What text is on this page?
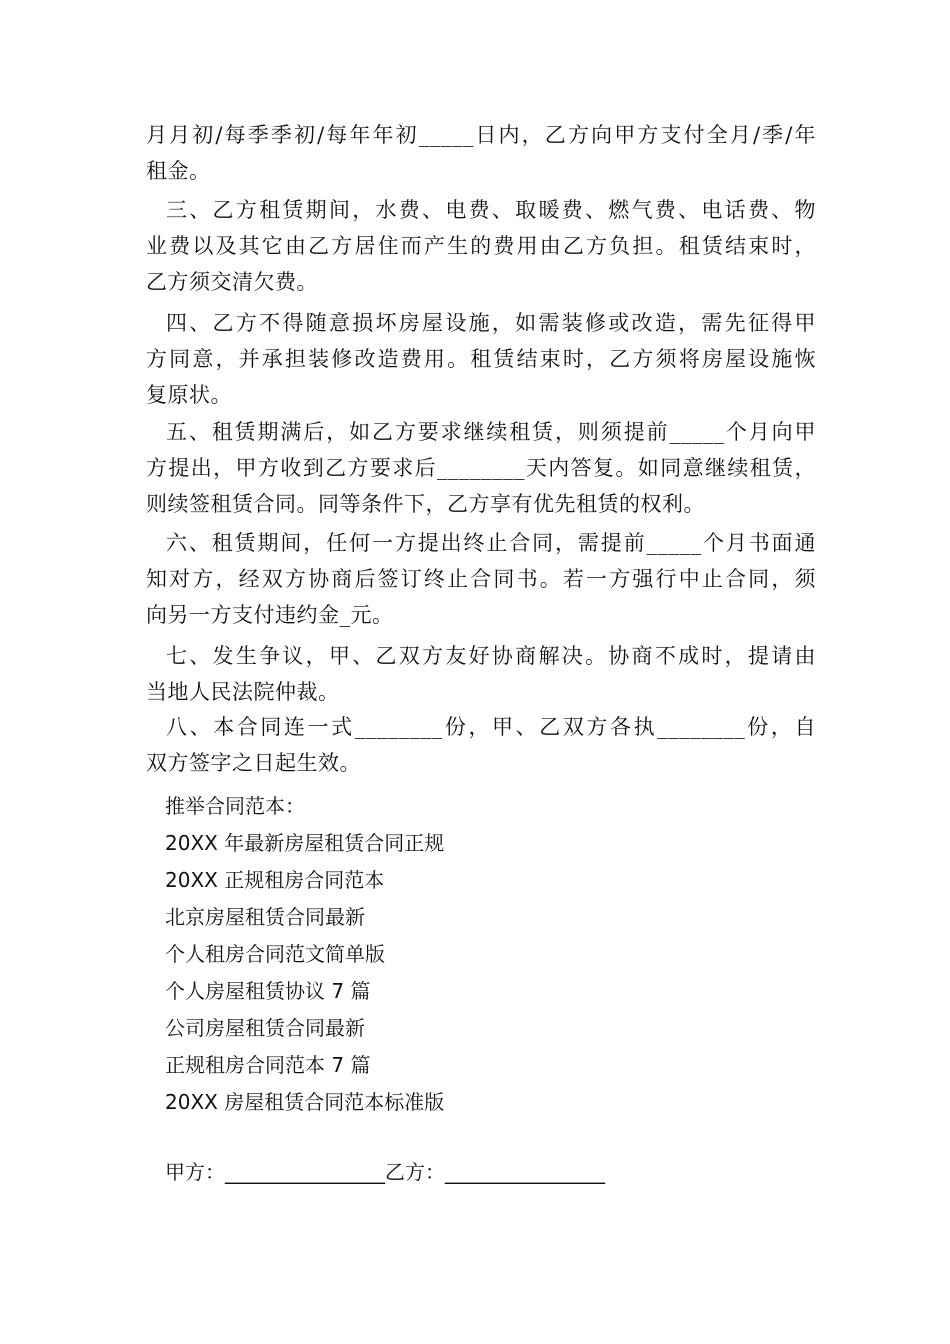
月月初/每季季初/每年年初_____日内，乙方向甲方支付全月/季/年
租金。
三、乙方租赁期间，水费、电费、取暖费、燃气费、电话费、物
业费以及其它由乙方居住而产生的费用由乙方负担。租赁结束时，
乙方须交清欠费。
四、乙方不得随意损坏房屋设施，如需装修或改造，需先征得甲
方同意，并承担装修改造费用。租赁结束时，乙方须将房屋设施恢
复原状。
五、租赁期满后，如乙方要求继续租赁，则须提前_____个月向甲
方提出，甲方收到乙方要求后________天内答复。如同意继续租赁，
则续签租赁合同。同等条件下，乙方享有优先租赁的权利。
六、租赁期间，任何一方提出终止合同，需提前_____个月书面通
知对方，经双方协商后签订终止合同书。若一方强行中止合同，须
向另一方支付违约金_元。
七、发生争议，甲、乙双方友好协商解决。协商不成时，提请由
当地人民法院仲裁。
八、本合同连一式________份，甲、乙双方各执________份，自
双方签字之日起生效。
推举合同范本：
20XX 年最新房屋租赁合同正规
20XX 正规租房合同范本
北京房屋租赁合同最新
个人租房合同范文简单版
个人房屋租赁协议 7 篇
公司房屋租赁合同最新
正规租房合同范本 7 篇
20XX 房屋租赁合同范本标准版
甲方：________________乙方：________________
